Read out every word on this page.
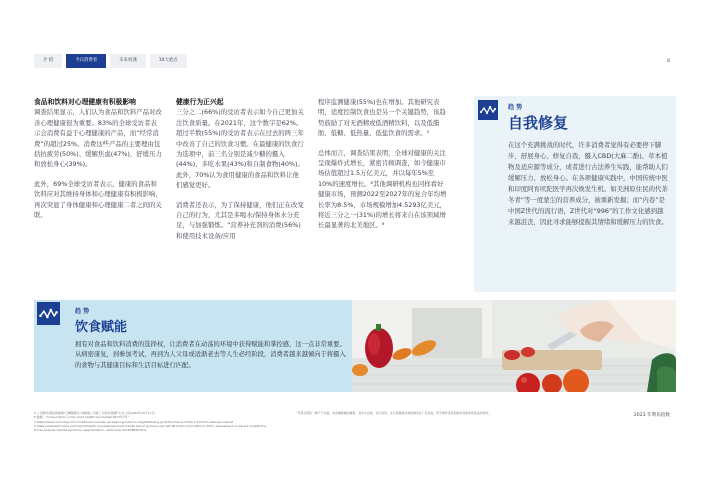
介 绍	今日消费者	未来机遇	10大重点	8
食品和饮料对心理健康有积极影响

调查结果显示，人们认为食品和饮料产品对改善心理健康很为重要。83%的全球受访者表示会消费有益于心理健康的产品，而“经常消费”的超过25%。消费这些产品的主要理由包括抗疲劳(50%)、缓解焦虑(47%)，舒缓压力和放松身心(39%)。

此外，69%全球受访者表示，健康的食品和饮料应对其维持身体和心理健康有积极影响，再次突显了身体健康和心理健康二者之间的关联。

健康行为正兴起

三分之二(66%)的受访者表示如今自己更加关注饮食质量。在2021年，这个数字是62%。超过半数(55%)的受访者表示在过去的两三年中改善了自己的饮食习惯。在最健康的饮食行为选项中，前三名分别是减少糖的摄入(44%)、多吃水果(43%)和自制食物(40%)。此外，70%认为食用健康的食品和饮料让他们感觉更好。

消费者还表示，为了保持健康，他们正在改变自己的行为，尤其是多喝水/保持身体水分充足，与加强锻炼。“营养补充剂的消费(56%)和使用技术设备/应用

程序监测健康(55%)也在增加。其他研究表明，适度控制饮食也是另一个关键趋势，该趋势鼓励了对无酒精或低酒精饮料，以及低脂肪、低糖、低热量、低盐饮食的需求。⁵

总体而言，调查结果表明，全球对健康的关注呈现爆炸式增长，紧密肯顾调查，如今健康市场估值超过1.5万亿美元，并以每年5%至10%的速度增长。⁶其他调研机构也同样看好健康市场，预测2022至2027年的复合年均增长率为8.5%，市场规模增加4.5293亿美元，将近三分之一(31%)的增长将来自在该领域增长最显著的北美地区。⁸

趋 势
自我修复
在这个充满挑战的时代，许多消费者觉得有必要停下脚步，舒展身心、修复自我，摄入CBD(大麻二酚)、草本植物及适应源等成分，或者进行古法养生实践，能帮助人们缓解压力、放松身心。在各项健康实践中，中国传统中医和印度阿育吠陀医学再次焕发生机。如美洲原住民的代茶冬青“等一度蒙尘的营养成分，被重新发掘；而“内卷”是中国Z世代的流行语，Z世代对“996”的工作文化感到越来越沮丧，因此寻求能够提振其情绪和缓解压力的饮食。
趋 势
饮食赋能
拥有对食品和饮料消费的选择权，让消费者在动荡的环境中获得赋能和掌控感，这一点非常重要。从病密康复，到参加考试，再到为人父母或适渐老去等人生必经阶段，消费者越来越倾向于将摄入的食物与其健康目标和生活目标进行匹配。
5 公司研究/调查的数据“已精简排名”请参阅公司第三方报告/数据“中文公布/2022年12月17日”
6 数据：“Consumption in the world healthcare market 2022年7月”
7 https://www.mckinsey.com/industries/consumer-packaged-goods/our-insights/feeling-good-the-future-of-the-1-5-trillion-wellness-market
8 https://www.technavio.com/report/health-and-wellness-food-market-size-to-grow-by-usd-182.96-billion-from-2022-to-2027--assessment-on-parent-market-five-forces-analysis-market-dynamics--segmentation---technavio-301678896.html
“代茶冬青是一种产于北美，内含咖啡碱的植物，其中文名称，可以饮用，并以其健康功效而闻名并广受欢迎，用于制作茶饮和制作其他冲泡饮品的原料。	2023 年利乐指数
